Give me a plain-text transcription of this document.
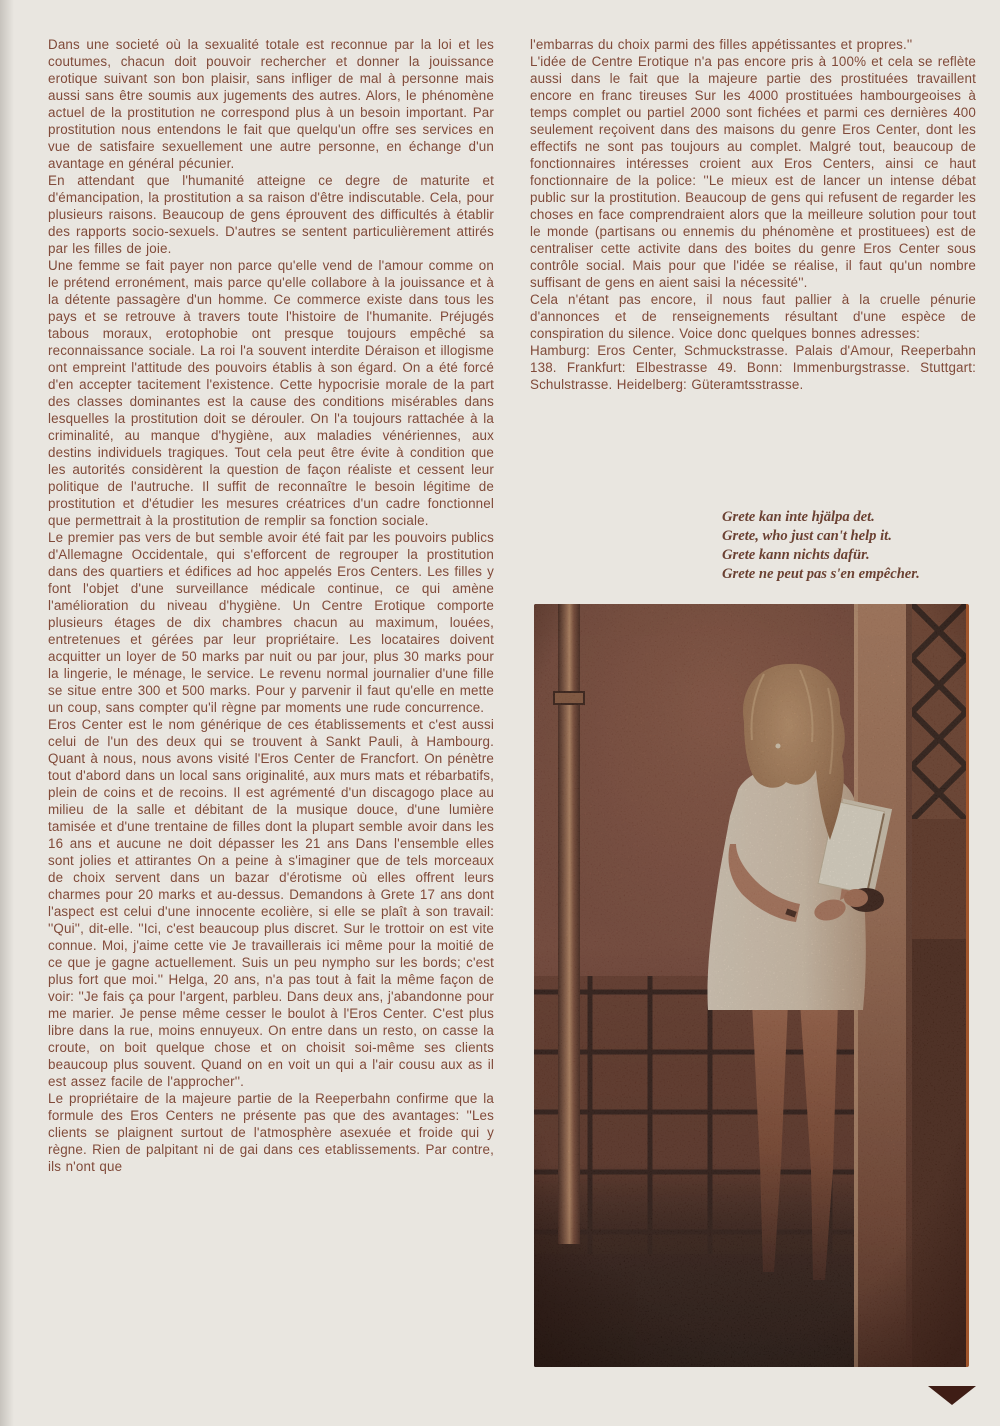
Dans une societé où la sexualité totale est reconnue par la loi et les coutumes, chacun doit pouvoir rechercher et donner la jouissance erotique suivant son bon plaisir, sans infliger de mal à personne mais aussi sans être soumis aux jugements des autres. Alors, le phénomène actuel de la prostitution ne correspond plus à un besoin important. Par prostitution nous entendons le fait que quelqu'un offre ses services en vue de satisfaire sexuellement une autre personne, en échange d'un avantage en général pécunier.

En attendant que l'humanité atteigne ce degre de maturite et d'émancipation, la prostitution a sa raison d'être indiscutable. Cela, pour plusieurs raisons. Beaucoup de gens éprouvent des difficultés à établir des rapports socio-sexuels. D'autres se sentent particulièrement attirés par les filles de joie.

Une femme se fait payer non parce qu'elle vend de l'amour comme on le prétend erronément, mais parce qu'elle collabore à la jouissance et à la détente passagère d'un homme. Ce commerce existe dans tous les pays et se retrouve à travers toute l'histoire de l'humanite. Préjugés tabous moraux, erotophobie ont presque toujours empêché sa reconnaissance sociale. La roi l'a souvent interdite Déraison et illogisme ont empreint l'attitude des pouvoirs établis à son égard. On a été forcé d'en accepter tacitement l'existence. Cette hypocrisie morale de la part des classes dominantes est la cause des conditions misérables dans lesquelles la prostitution doit se dérouler. On l'a toujours rattachée à la criminalité, au manque d'hygiène, aux maladies vénériennes, aux destins individuels tragiques. Tout cela peut être évite à condition que les autorités considèrent la question de façon réaliste et cessent leur politique de l'autruche. Il suffit de reconnaître le besoin légitime de prostitution et d'étudier les mesures créatrices d'un cadre fonctionnel que permettrait à la prostitution de remplir sa fonction sociale.

Le premier pas vers de but semble avoir été fait par les pouvoirs publics d'Allemagne Occidentale, qui s'efforcent de regrouper la prostitution dans des quartiers et édifices ad hoc appelés Eros Centers. Les filles y font l'objet d'une surveillance médicale continue, ce qui amène l'amélioration du niveau d'hygiène. Un Centre Erotique comporte plusieurs étages de dix chambres chacun au maximum, louées, entretenues et gérées par leur propriétaire. Les locataires doivent acquitter un loyer de 50 marks par nuit ou par jour, plus 30 marks pour la lingerie, le ménage, le service. Le revenu normal journalier d'une fille se situe entre 300 et 500 marks. Pour y parvenir il faut qu'elle en mette un coup, sans compter qu'il règne par moments une rude concurrence.

Eros Center est le nom générique de ces établissements et c'est aussi celui de l'un des deux qui se trouvent à Sankt Pauli, à Hambourg. Quant à nous, nous avons visité l'Eros Center de Francfort. On pénètre tout d'abord dans un local sans originalité, aux murs mats et rébarbatifs, plein de coins et de recoins. Il est agrémenté d'un discagogo place au milieu de la salle et débitant de la musique douce, d'une lumière tamisée et d'une trentaine de filles dont la plupart semble avoir dans les 16 ans et aucune ne doit dépasser les 21 ans Dans l'ensemble elles sont jolies et attirantes On a peine à s'imaginer que de tels morceaux de choix servent dans un bazar d'érotisme où elles offrent leurs charmes pour 20 marks et au-dessus. Demandons à Grete 17 ans dont l'aspect est celui d'une innocente ecolière, si elle se plaît à son travail: ''Qui'', dit-elle. ''Ici, c'est beaucoup plus discret. Sur le trottoir on est vite connue. Moi, j'aime cette vie Je travaillerais ici même pour la moitié de ce que je gagne actuellement. Suis un peu nympho sur les bords; c'est plus fort que moi.'' Helga, 20 ans, n'a pas tout à fait la même façon de voir: ''Je fais ça pour l'argent, parbleu. Dans deux ans, j'abandonne pour me marier. Je pense même cesser le boulot à l'Eros Center. C'est plus libre dans la rue, moins ennuyeux. On entre dans un resto, on casse la croute, on boit quelque chose et on choisit soi-même ses clients beaucoup plus souvent. Quand on en voit un qui a l'air cousu aux as il est assez facile de l'approcher''.

Le propriétaire de la majeure partie de la Reeperbahn confirme que la formule des Eros Centers ne présente pas que des avantages: ''Les clients se plaignent surtout de l'atmosphère asexuée et froide qui y règne. Rien de palpitant ni de gai dans ces etablissements. Par contre, ils n'ont que

l'embarras du choix parmi des filles appétissantes et propres.''

L'idée de Centre Erotique n'a pas encore pris à 100% et cela se reflète aussi dans le fait que la majeure partie des prostituées travaillent encore en franc tireuses Sur les 4000 prostituées hambourgeoises à temps complet ou partiel 2000 sont fichées et parmi ces dernières 400 seulement reçoivent dans des maisons du genre Eros Center, dont les effectifs ne sont pas toujours au complet. Malgré tout, beaucoup de fonctionnaires intéresses croient aux Eros Centers, ainsi ce haut fonctionnaire de la police: ''Le mieux est de lancer un intense débat public sur la prostitution. Beaucoup de gens qui refusent de regarder les choses en face comprendraient alors que la meilleure solution pour tout le monde (partisans ou ennemis du phénomène et prostituees) est de centraliser cette activite dans des boites du genre Eros Center sous contrôle social. Mais pour que l'idée se réalise, il faut qu'un nombre suffisant de gens en aient saisi la nécessité''.

Cela n'étant pas encore, il nous faut pallier à la cruelle pénurie d'annonces et de renseignements résultant d'une espèce de conspiration du silence. Voice donc quelques bonnes adresses:

Hamburg: Eros Center, Schmuckstrasse. Palais d'Amour, Reeperbahn 138. Frankfurt: Elbestrasse 49. Bonn: Immenburgstrasse. Stuttgart: Schulstrasse. Heidelberg: Güteramtsstrasse.

Grete kan inte hjälpa det.
Grete, who just can't help it.
Grete kann nichts dafür.
Grete ne peut pas s'en empêcher.
